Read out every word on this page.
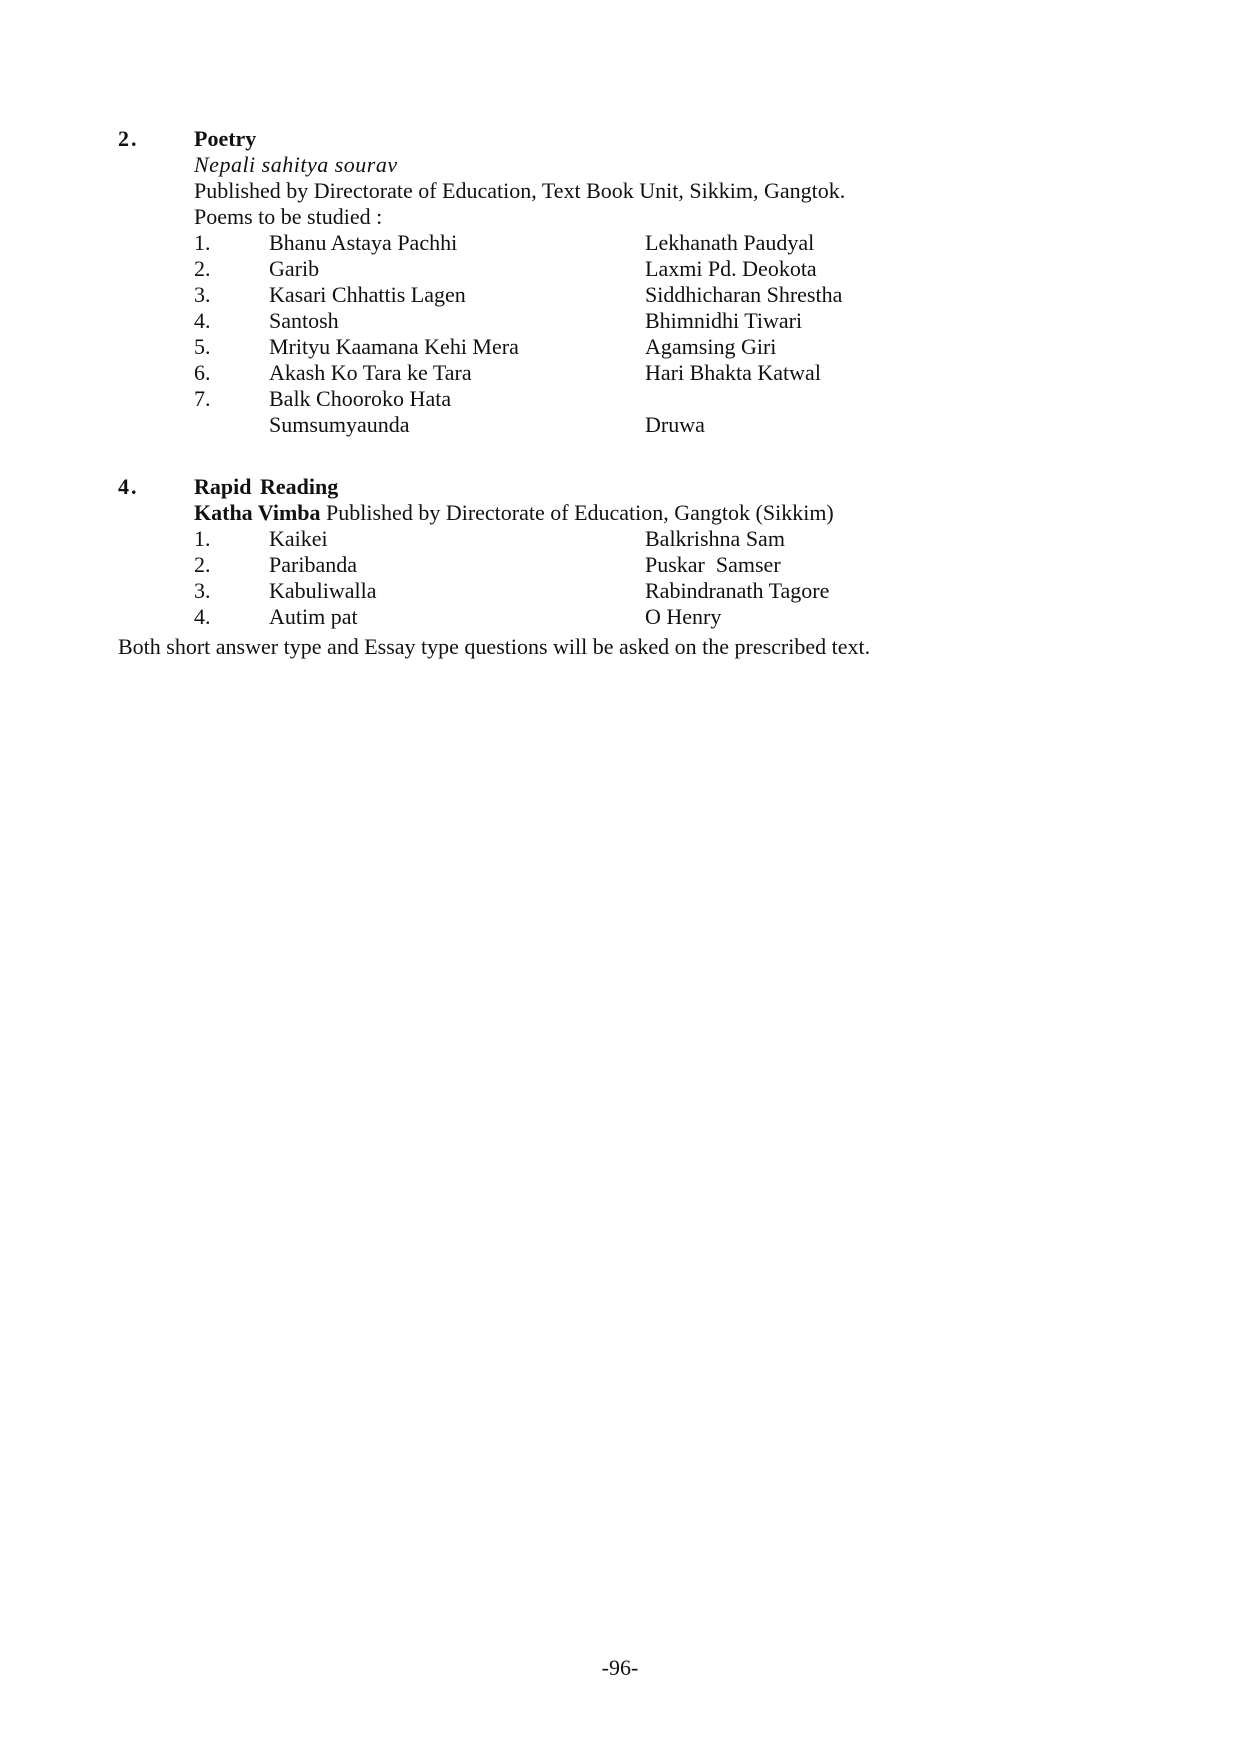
2.	Poetry
Nepali sahitya sourav
Published by Directorate of Education, Text Book Unit, Sikkim, Gangtok.
Poems to be studied :
1.	Bhanu Astaya Pachhi	Lekhanath Paudyal
2.	Garib	Laxmi Pd. Deokota
3.	Kasari Chhattis Lagen	Siddhicharan Shrestha
4.	Santosh	Bhimnidhi Tiwari
5.	Mrityu Kaamana Kehi Mera	Agamsing Giri
6.	Akash Ko Tara ke Tara	Hari Bhakta Katwal
7.	Balk Chooroko Hata
Sumsumyaunda	Druwa
4.	Rapid Reading
Katha Vimba Published by Directorate of Education, Gangtok (Sikkim)
1.	Kaikei	Balkrishna Sam
2.	Paribanda	Puskar  Samser
3.	Kabuliwalla	Rabindranath Tagore
4.	Autim pat	O Henry
Both short answer type and Essay type questions will be asked on the prescribed text.
-96-
